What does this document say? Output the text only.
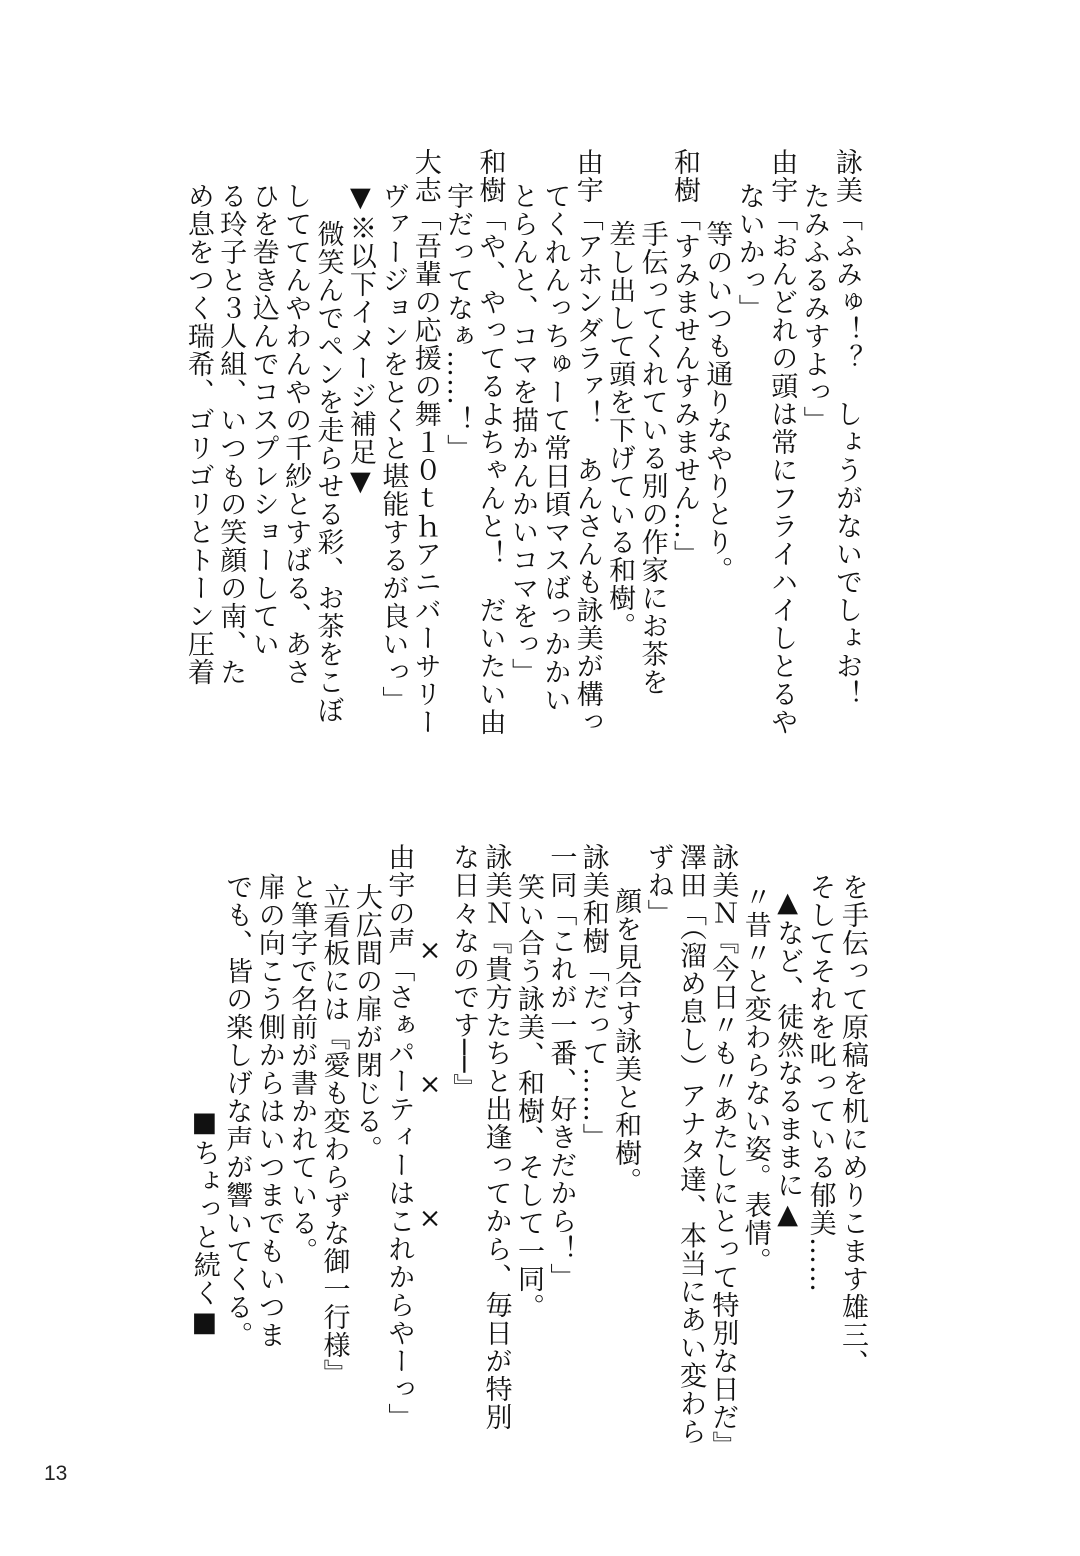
詠美「ふみゅ！？　しょうがないでしょお！
たみふるみすよっ」
由宇「おんどれの頭は常にフライハイしとるや
ないかっ」
等のいつも通りなやりとり。
和樹「すみませんすみません…」
手伝ってくれている別の作家にお茶を
差し出して頭を下げている和樹。
由宇「アホンダラァ！　あんさんも詠美が構っ
てくれんっちゅーて常日頃マスばっかかい
とらんと、コマを描かんかいコマをっ」
和樹「や、やってるよちゃんと！　だいたい由
宇だってなぁ……！」
大志「吾輩の応援の舞１０ｔｈアニバーサリー
ヴァージョンをとくと堪能するが良いっ」
▼※以下イメージ補足▼
微笑んでペンを走らせる彩、お茶をこぼ
しててんやわんやの千紗とすばる、あさ
ひを巻き込んでコスプレショーしてい
る玲子と３人組、いつもの笑顔の南、た
め息をつく瑞希、ゴリゴリとトーン圧着
を手伝って原稿を机にめりこます雄三、
そしてそれを叱っている郁美……
▲など、徒然なるままに▲
〃昔〃と変わらない姿。表情。
詠美Ｎ『今日〃も〃あたしにとって特別な日だ』
澤田「（溜め息し）アナタ達、本当にあい変わら
ずね」
顔を見合す詠美と和樹。
詠美和樹「だって……」
一同「これが一番、好きだから！」
笑い合う詠美、和樹、そして一同。
詠美Ｎ『貴方たちと出逢ってから、毎日が特別
な日々なのです──』
×
×
×
由宇の声「さぁパーティーはこれからやーっ」
大広間の扉が閉じる。
立看板には『愛も変わらずな御一行様』
と筆字で名前が書かれている。
扉の向こう側からはいつまでもいつま
でも、皆の楽しげな声が響いてくる。
■ちょっと続く■
13
